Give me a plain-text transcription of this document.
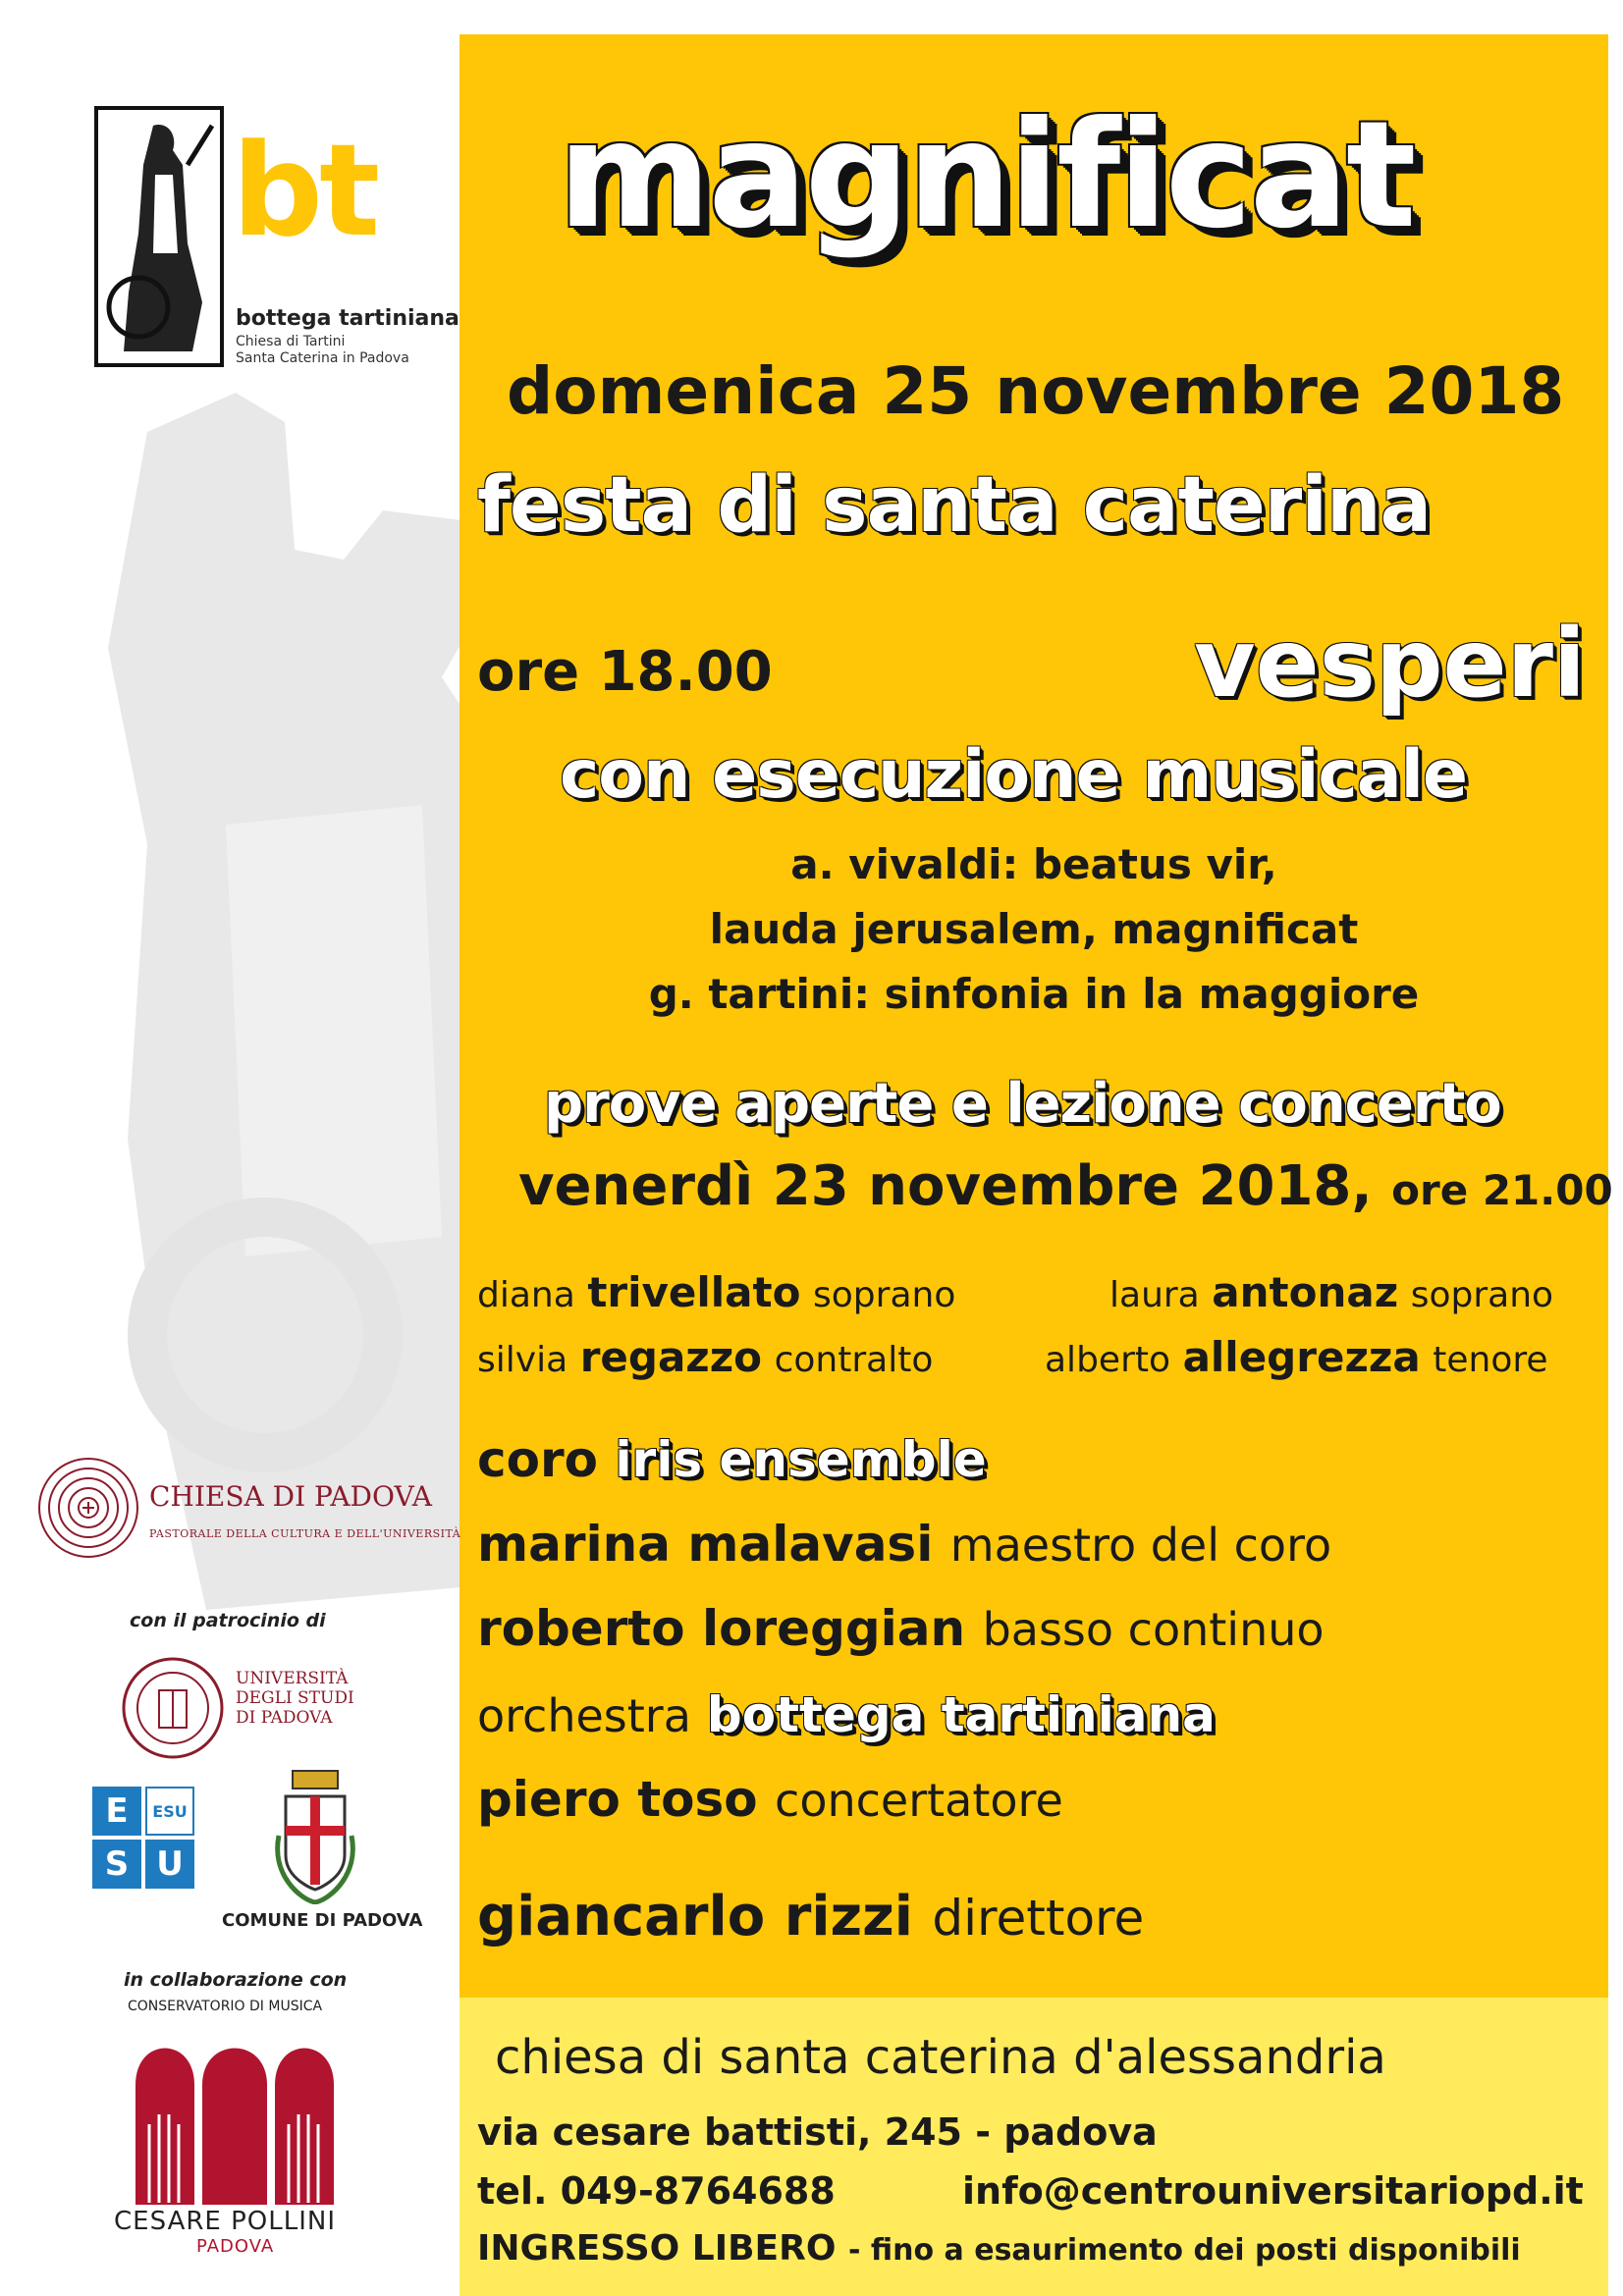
bt
bottega tartiniana
Chiesa di Tartini
Santa Caterina in Padova
CHIESA DI PADOVA
PASTORALE DELLA CULTURA E DELL'UNIVERSITÀ
con il patrocinio di
UNIVERSITÀ
DEGLI STUDI
DI PADOVA
E	ESU
S U
COMUNE DI PADOVA
in collaborazione con
CONSERVATORIO DI MUSICA
CESARE POLLINI
PADOVA
magnificat
domenica 25 novembre 2018
festa di santa caterina
ore 18.00	vesperi
con esecuzione musicale
a. vivaldi: beatus vir,
lauda jerusalem, magnificat
g. tartini: sinfonia in la maggiore
prove aperte e lezione concerto
venerdì 23 novembre 2018, ore 21.00
diana trivellato soprano	laura antonaz soprano
silvia regazzo contralto	alberto allegrezza tenore
coro iris ensemble
marina malavasi maestro del coro
roberto loreggian basso continuo
orchestra bottega tartiniana
piero toso concertatore
giancarlo rizzi direttore
chiesa di santa caterina d'alessandria
via cesare battisti, 245 - padova
tel. 049-8764688	info@centrouniversitariopd.it
INGRESSO LIBERO - fino a esaurimento dei posti disponibili
